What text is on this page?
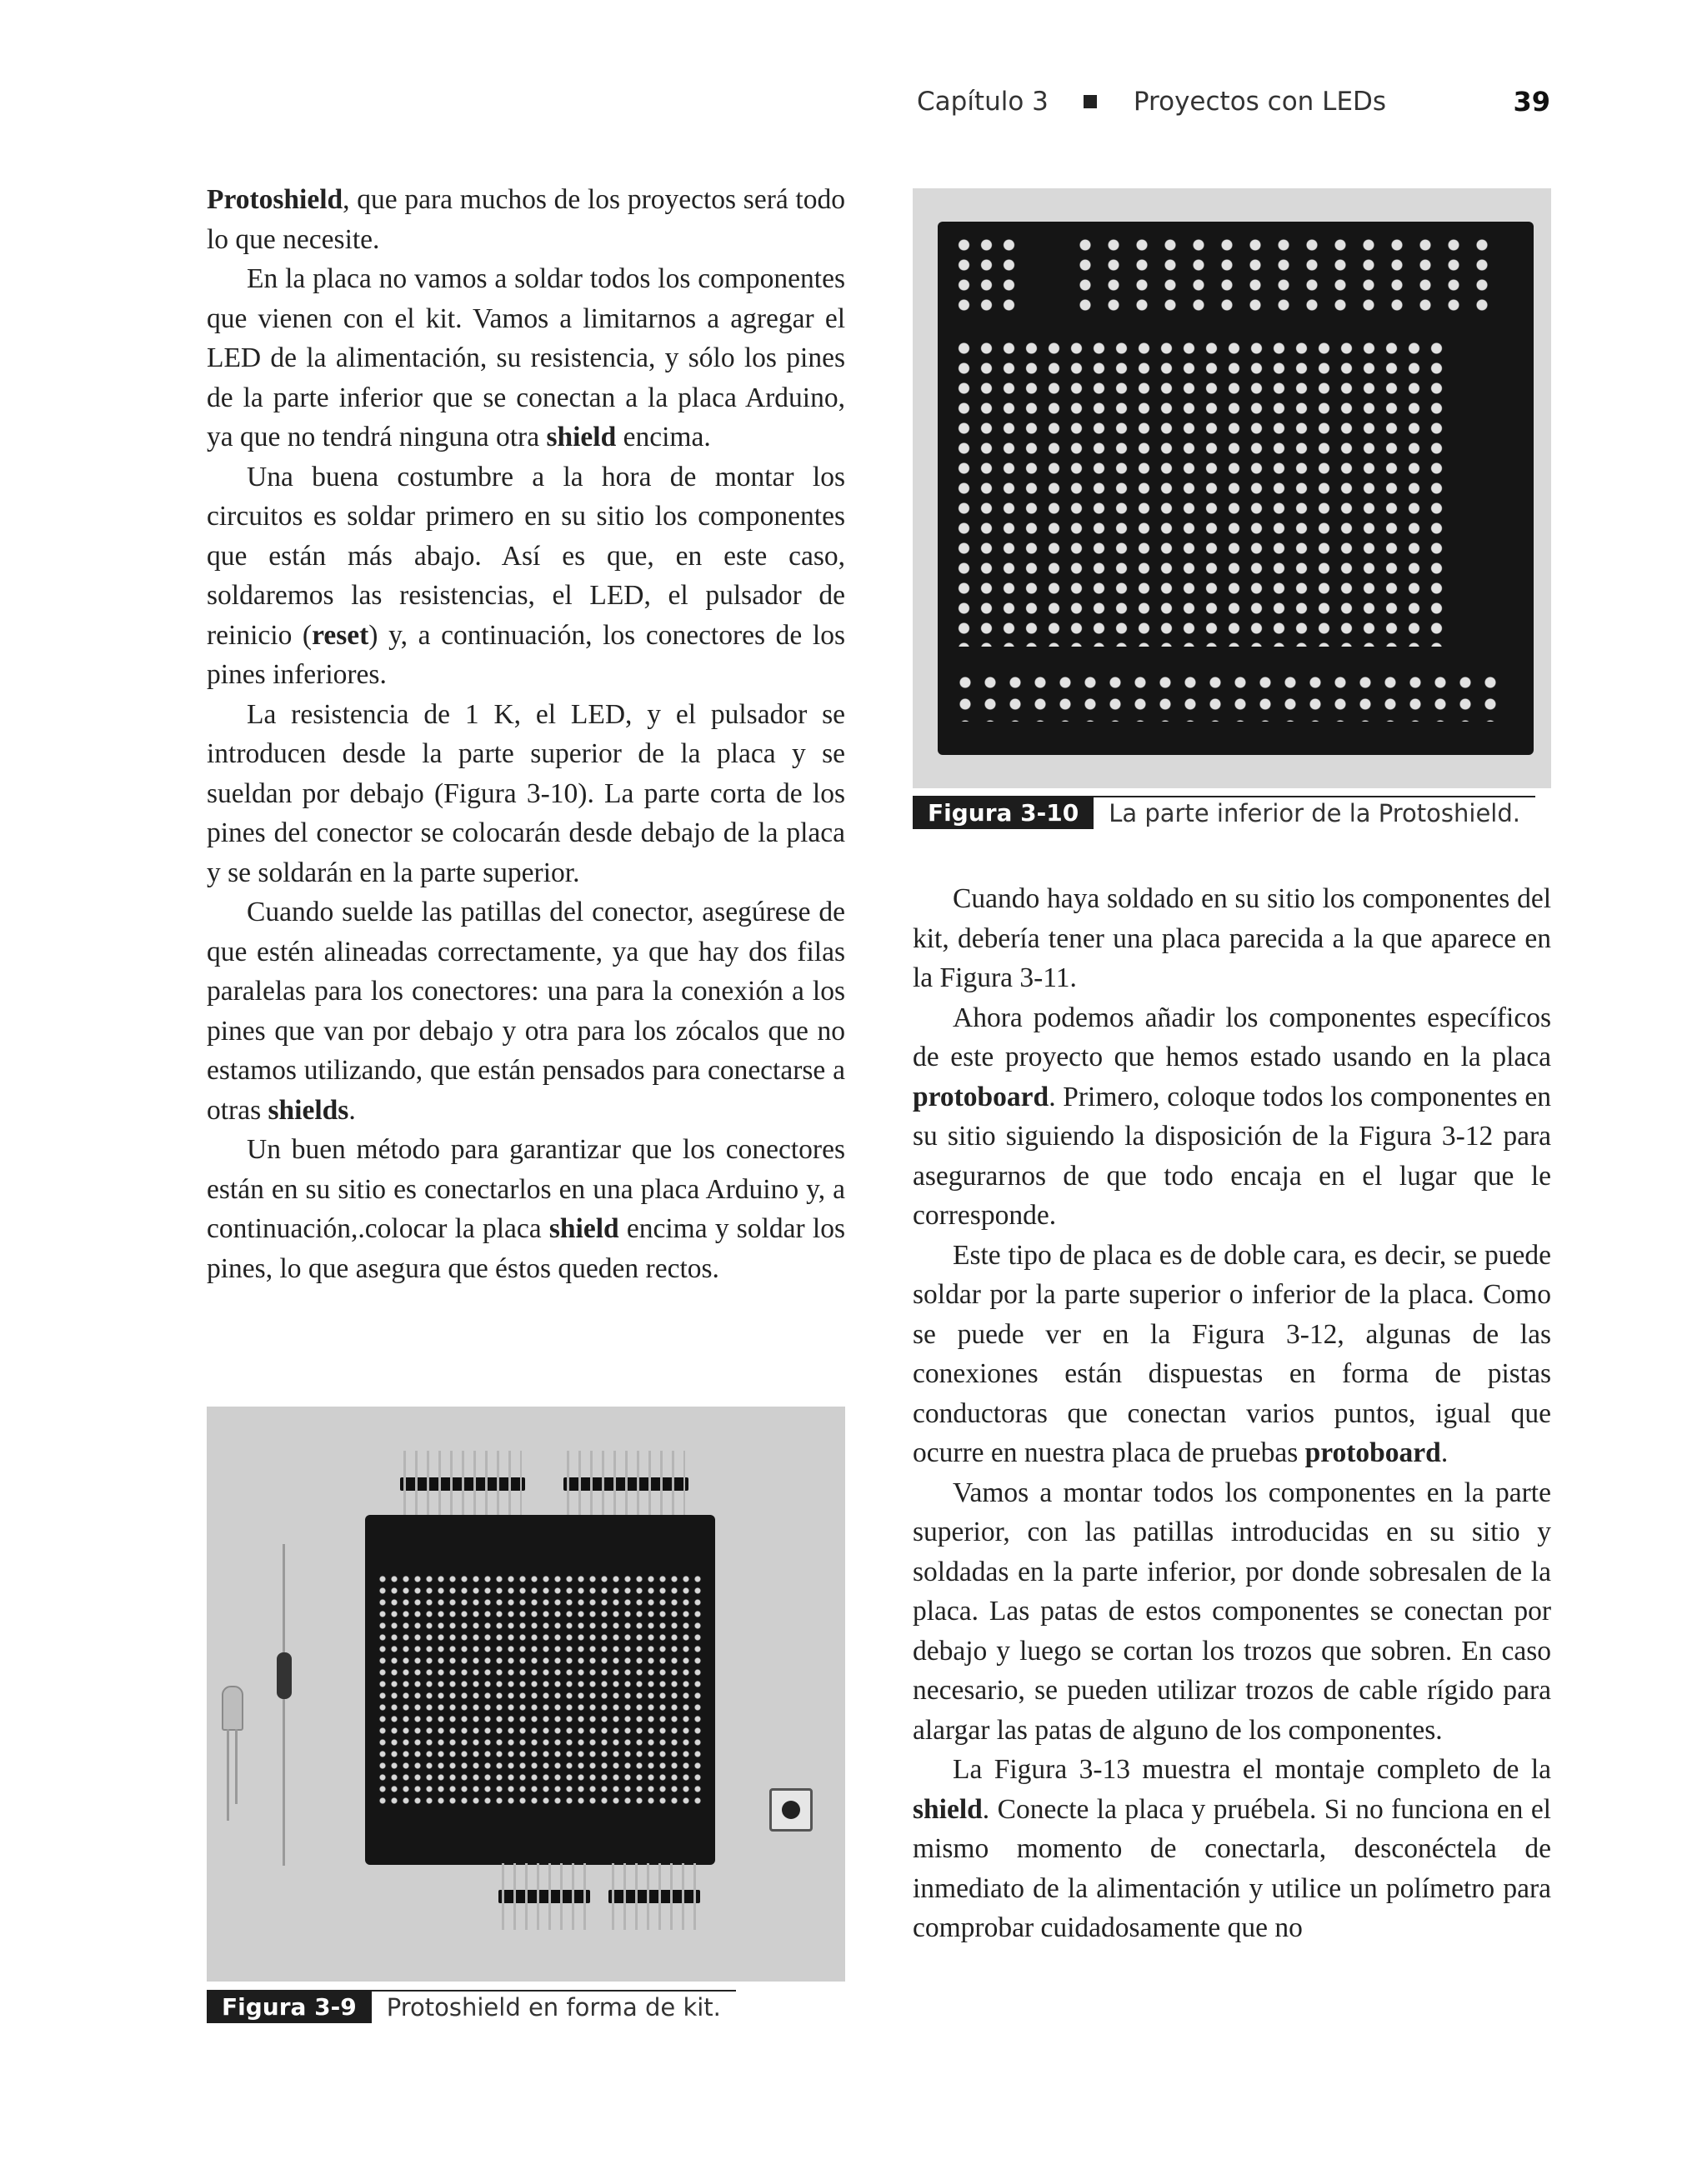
Capítulo 3	Proyectos con LEDs	39

Protoshield, que para muchos de los proyectos será todo lo que necesite.

En la placa no vamos a soldar todos los componentes que vienen con el kit. Vamos a limitarnos a agregar el LED de la alimentación, su resistencia, y sólo los pines de la parte inferior que se conectan a la placa Arduino, ya que no tendrá ninguna otra shield encima.

Una buena costumbre a la hora de montar los circuitos es soldar primero en su sitio los componentes que están más abajo. Así es que, en este caso, soldaremos las resistencias, el LED, el pulsador de reinicio (reset) y, a continuación, los conectores de los pines inferiores.

La resistencia de 1 K, el LED, y el pulsador se introducen desde la parte superior de la placa y se sueldan por debajo (Figura 3-10). La parte corta de los pines del conector se colocarán desde debajo de la placa y se soldarán en la parte superior.

Cuando suelde las patillas del conector, asegúrese de que estén alineadas correctamente, ya que hay dos filas paralelas para los conectores: una para la conexión a los pines que van por debajo y otra para los zócalos que no estamos utilizando, que están pensados para conectarse a otras shields.

Un buen método para garantizar que los conectores están en su sitio es conectarlos en una placa Arduino y, a continuación,.colocar la placa shield encima y soldar los pines, lo que asegura que éstos queden rectos.

Figura 3-10	La parte inferior de la Protoshield.

Cuando haya soldado en su sitio los componentes del kit, debería tener una placa parecida a la que aparece en la Figura 3-11.

Ahora podemos añadir los componentes específicos de este proyecto que hemos estado usando en la placa protoboard. Primero, coloque todos los componentes en su sitio siguiendo la disposición de la Figura 3-12 para asegurarnos de que todo encaja en el lugar que le corresponde.

Este tipo de placa es de doble cara, es decir, se puede soldar por la parte superior o inferior de la placa. Como se puede ver en la Figura 3-12, algunas de las conexiones están dispuestas en forma de pistas conductoras que conectan varios puntos, igual que ocurre en nuestra placa de pruebas protoboard.

Vamos a montar todos los componentes en la parte superior, con las patillas introducidas en su sitio y soldadas en la parte inferior, por donde sobresalen de la placa. Las patas de estos componentes se conectan por debajo y luego se cortan los trozos que sobren. En caso necesario, se pueden utilizar trozos de cable rígido para alargar las patas de alguno de los componentes.

La Figura 3-13 muestra el montaje completo de la shield. Conecte la placa y pruébela. Si no funciona en el mismo momento de conectarla, desconéctela de inmediato de la alimentación y utilice un polímetro para comprobar cuidadosamente que no

Figura 3-9	Protoshield en forma de kit.
